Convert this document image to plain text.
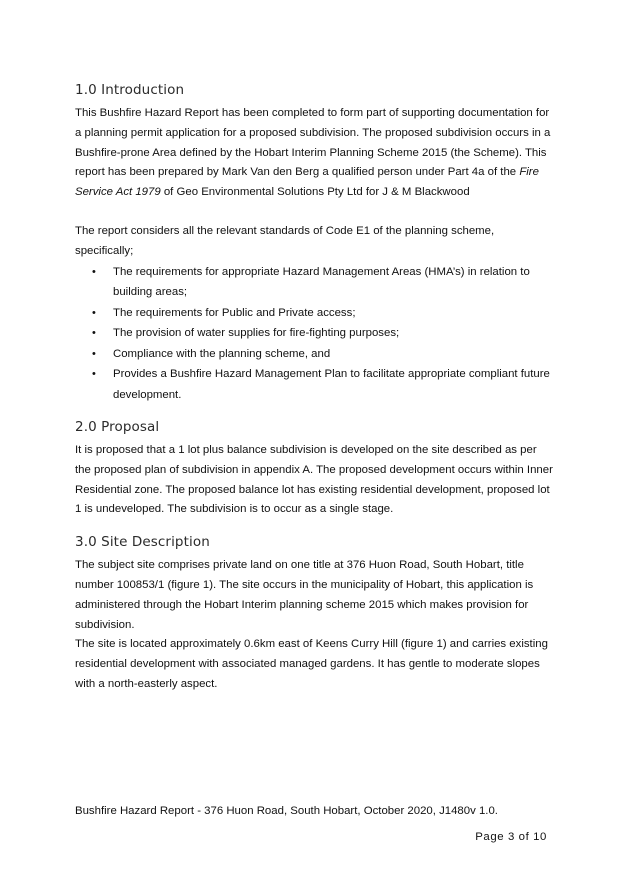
1.0 Introduction

This Bushfire Hazard Report has been completed to form part of supporting documentation for a planning permit application for a proposed subdivision. The proposed subdivision occurs in a Bushfire-prone Area defined by the Hobart Interim Planning Scheme 2015 (the Scheme). This report has been prepared by Mark Van den Berg a qualified person under Part 4a of the Fire Service Act 1979 of Geo Environmental Solutions Pty Ltd for J & M Blackwood

The report considers all the relevant standards of Code E1 of the planning scheme, specifically;

• The requirements for appropriate Hazard Management Areas (HMA’s) in relation to building areas;
• The requirements for Public and Private access;
• The provision of water supplies for fire-fighting purposes;
• Compliance with the planning scheme, and
• Provides a Bushfire Hazard Management Plan to facilitate appropriate compliant future development.
2.0 Proposal

It is proposed that a 1 lot plus balance subdivision is developed on the site described as per the proposed plan of subdivision in appendix A. The proposed development occurs within Inner Residential zone. The proposed balance lot has existing residential development, proposed lot 1 is undeveloped. The subdivision is to occur as a single stage.

3.0 Site Description

The subject site comprises private land on one title at 376 Huon Road, South Hobart, title number 100853/1 (figure 1). The site occurs in the municipality of Hobart, this application is administered through the Hobart Interim planning scheme 2015 which makes provision for subdivision.

The site is located approximately 0.6km east of Keens Curry Hill (figure 1) and carries existing residential development with associated managed gardens. It has gentle to moderate slopes with a north-easterly aspect.

Bushfire Hazard Report - 376 Huon Road, South Hobart, October 2020, J1480v 1.0.
Page 3 of 10
